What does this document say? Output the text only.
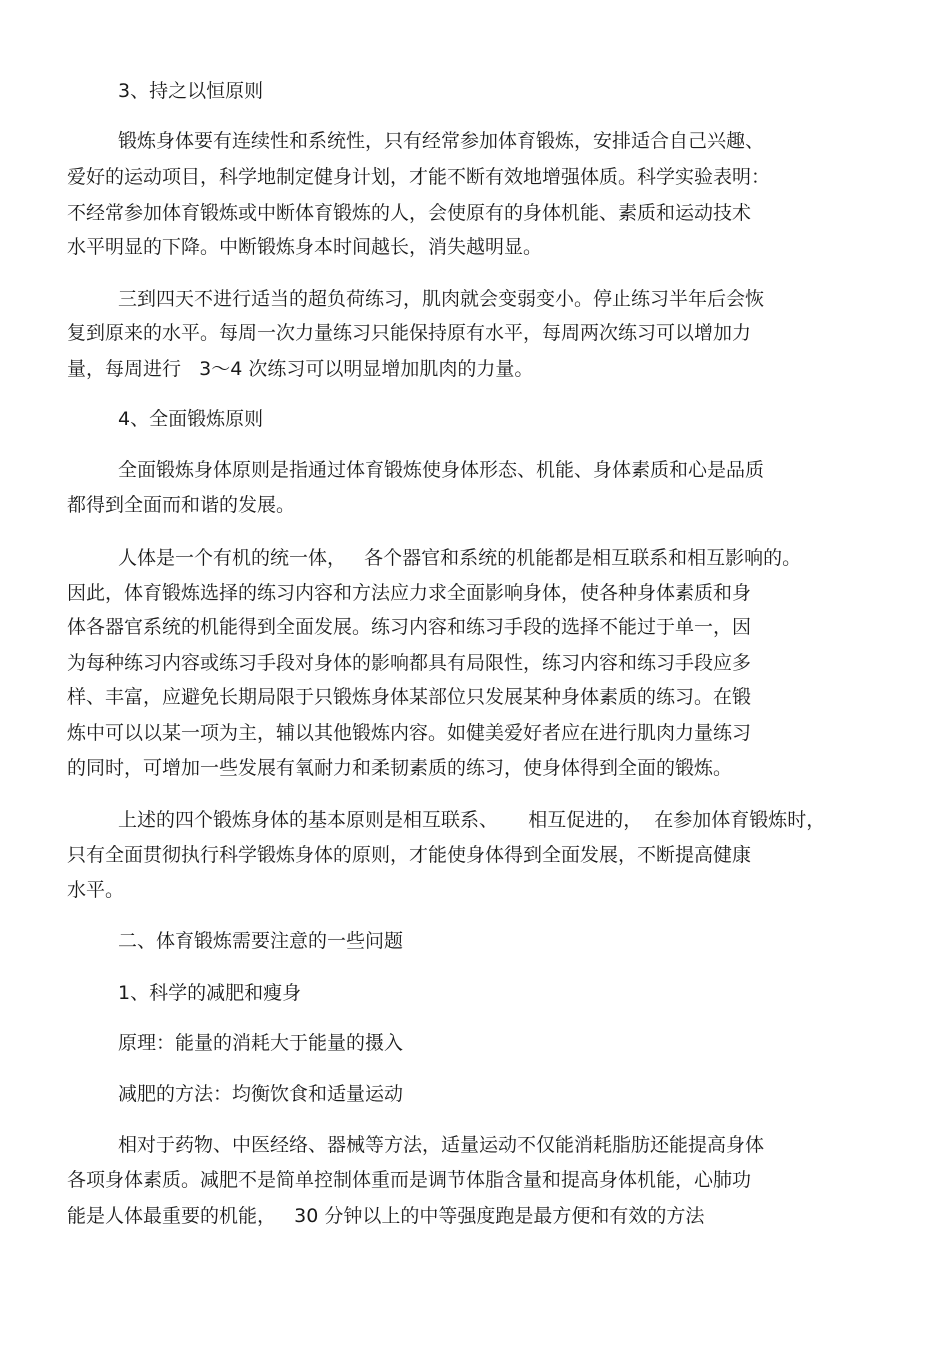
3、持之以恒原则

锻炼身体要有连续性和系统性，只有经常参加体育锻炼，安排适合自己兴趣、

爱好的运动项目，科学地制定健身计划，才能不断有效地增强体质。科学实验表明：

不经常参加体育锻炼或中断体育锻炼的人，会使原有的身体机能、素质和运动技术

水平明显的下降。中断锻炼身本时间越长，消失越明显。

三到四天不进行适当的超负荷练习，肌肉就会变弱变小。停止练习半年后会恢

复到原来的水平。每周一次力量练习只能保持原有水平，每周两次练习可以增加力

量，每周进行   3～4 次练习可以明显增加肌肉的力量。

4、全面锻炼原则

全面锻炼身体原则是指通过体育锻炼使身体形态、机能、身体素质和心是品质

都得到全面而和谐的发展。

人体是一个有机的统一体，   各个器官和系统的机能都是相互联系和相互影响的。

因此，体育锻炼选择的练习内容和方法应力求全面影响身体，使各种身体素质和身

体各器官系统的机能得到全面发展。练习内容和练习手段的选择不能过于单一，因

为每种练习内容或练习手段对身体的影响都具有局限性，练习内容和练习手段应多

样、丰富，应避免长期局限于只锻炼身体某部位只发展某种身体素质的练习。在锻

炼中可以以某一项为主，辅以其他锻炼内容。如健美爱好者应在进行肌肉力量练习

的同时，可增加一些发展有氧耐力和柔韧素质的练习，使身体得到全面的锻炼。

上述的四个锻炼身体的基本原则是相互联系、     相互促进的，  在参加体育锻炼时，

只有全面贯彻执行科学锻炼身体的原则，才能使身体得到全面发展，不断提高健康

水平。

二、体育锻炼需要注意的一些问题

1、科学的减肥和瘦身

原理：能量的消耗大于能量的摄入

减肥的方法：均衡饮食和适量运动

相对于药物、中医经络、器械等方法，适量运动不仅能消耗脂肪还能提高身体

各项身体素质。减肥不是简单控制体重而是调节体脂含量和提高身体机能，心肺功

能是人体最重要的机能，   30 分钟以上的中等强度跑是最方便和有效的方法
